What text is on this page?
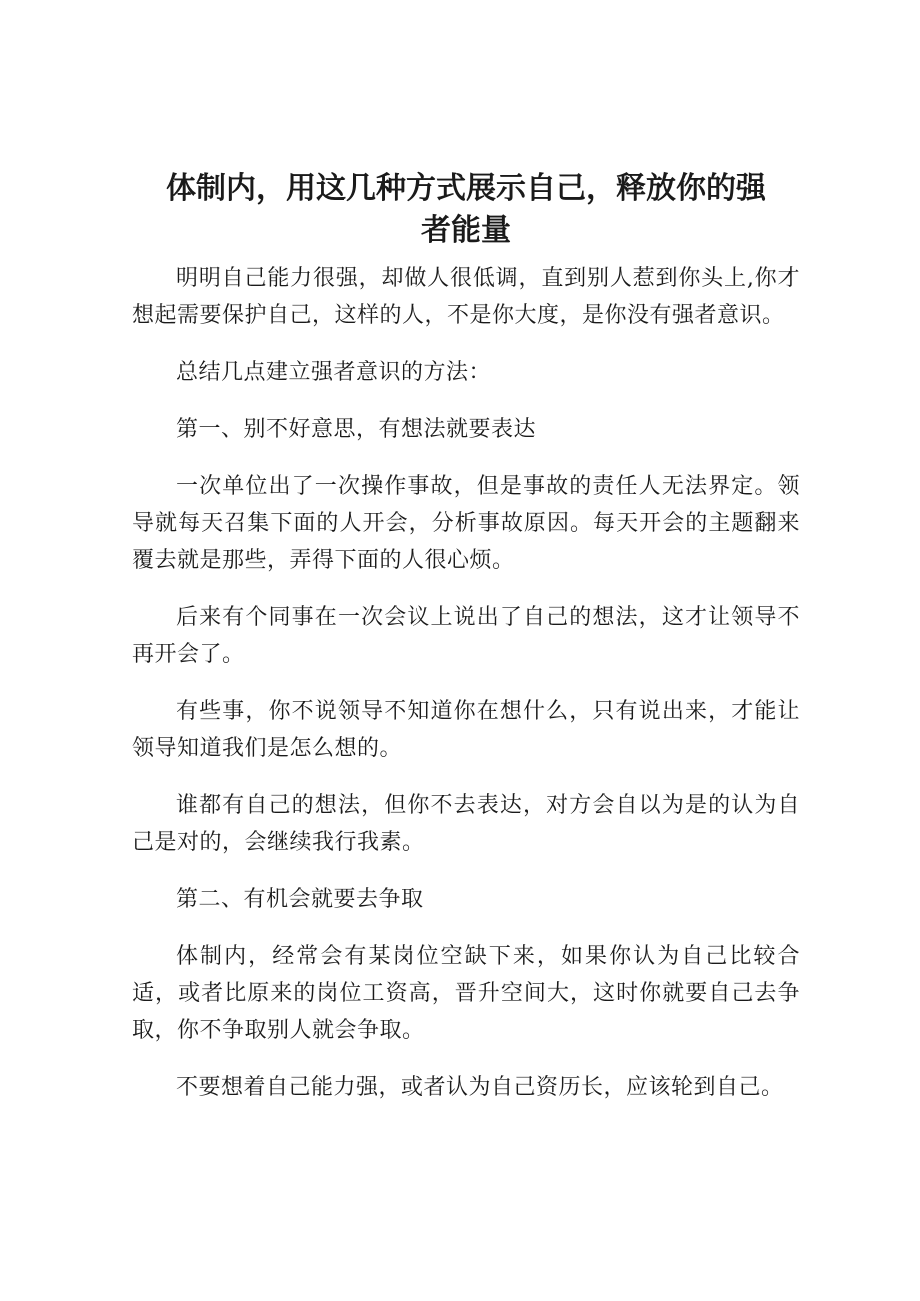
体制内，用这几种方式展示自己，释放你的强
者能量

明明自己能力很强，却做人很低调，直到别人惹到你头上,你才想起需要保护自己，这样的人，不是你大度，是你没有强者意识。

总结几点建立强者意识的方法：

第一、别不好意思，有想法就要表达

一次单位出了一次操作事故，但是事故的责任人无法界定。领导就每天召集下面的人开会，分析事故原因。每天开会的主题翻来覆去就是那些，弄得下面的人很心烦。

后来有个同事在一次会议上说出了自己的想法，这才让领导不再开会了。

有些事，你不说领导不知道你在想什么，只有说出来，才能让领导知道我们是怎么想的。

谁都有自己的想法，但你不去表达，对方会自以为是的认为自己是对的，会继续我行我素。

第二、有机会就要去争取

体制内，经常会有某岗位空缺下来，如果你认为自己比较合适，或者比原来的岗位工资高，晋升空间大，这时你就要自己去争取，你不争取别人就会争取。

不要想着自己能力强，或者认为自己资历长，应该轮到自己。
